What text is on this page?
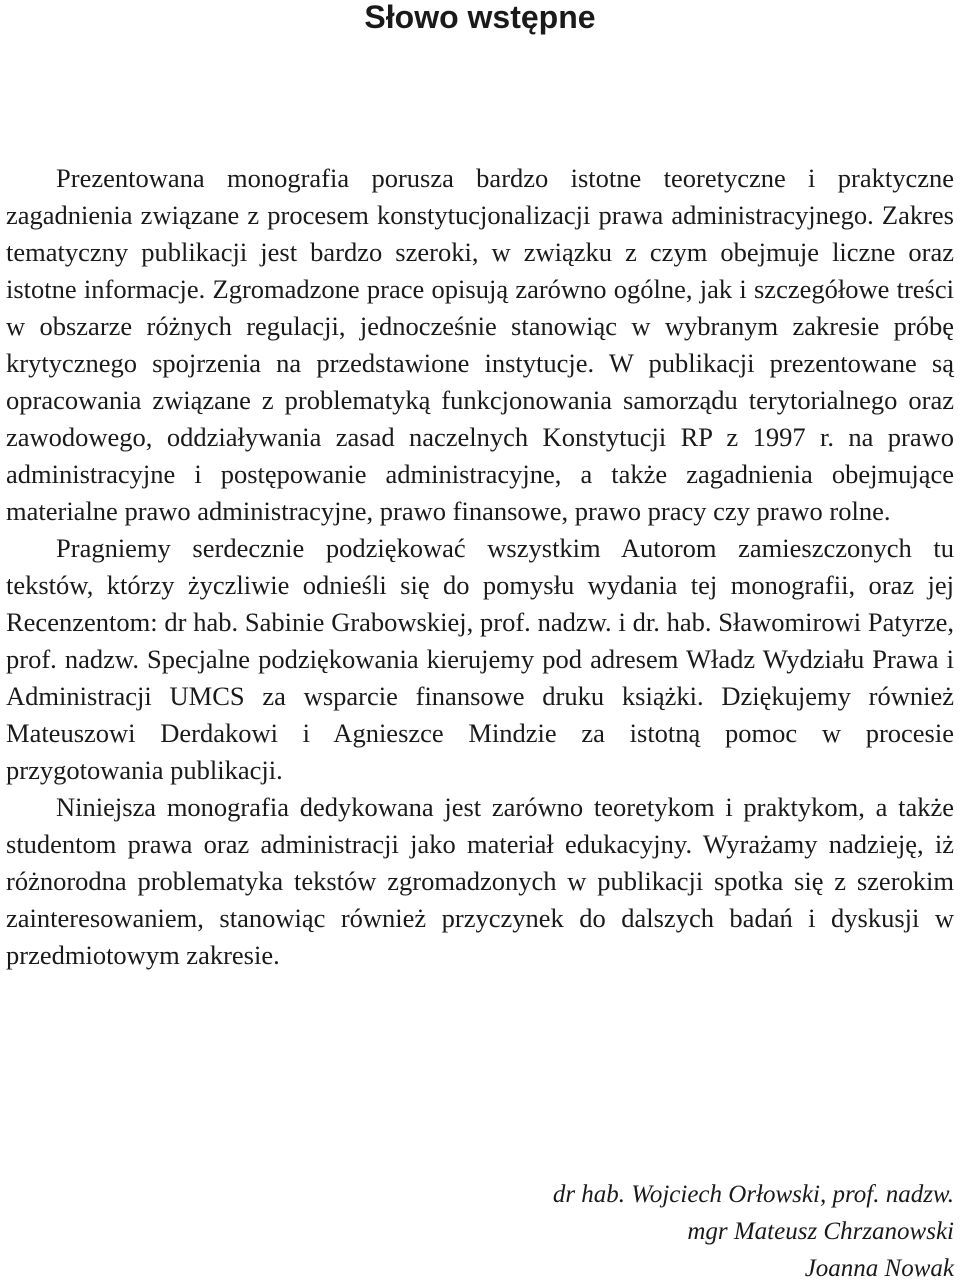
Słowo wstępne

Prezentowana monografia porusza bardzo istotne teoretyczne i praktyczne zagadnienia związane z procesem konstytucjonalizacji prawa administracyjnego. Zakres tematyczny publikacji jest bardzo szeroki, w związku z czym obejmuje liczne oraz istotne informacje. Zgromadzone prace opisują zarówno ogólne, jak i szczegółowe treści w obszarze różnych regulacji, jednocześnie stanowiąc w wybranym zakresie próbę krytycznego spojrzenia na przedstawione instytucje. W publikacji prezentowane są opracowania związane z problematyką funkcjonowania samorządu terytorialnego oraz zawodowego, oddziaływania zasad naczelnych Konstytucji RP z 1997 r. na prawo administracyjne i postępowanie administracyjne, a także zagadnienia obejmujące materialne prawo administracyjne, prawo finansowe, prawo pracy czy prawo rolne.

Pragniemy serdecznie podziękować wszystkim Autorom zamieszczonych tu tekstów, którzy życzliwie odnieśli się do pomysłu wydania tej monografii, oraz jej Recenzentom: dr hab. Sabinie Grabowskiej, prof. nadzw. i dr. hab. Sławomirowi Patyrze, prof. nadzw. Specjalne podziękowania kierujemy pod adresem Władz Wydziału Prawa i Administracji UMCS za wsparcie finansowe druku książki. Dziękujemy również Mateuszowi Derdakowi i Agnieszce Mindzie za istotną pomoc w procesie przygotowania publikacji.

Niniejsza monografia dedykowana jest zarówno teoretykom i praktykom, a także studentom prawa oraz administracji jako materiał edukacyjny. Wyrażamy nadzieję, iż różnorodna problematyka tekstów zgromadzonych w publikacji spotka się z szerokim zainteresowaniem, stanowiąc również przyczynek do dalszych badań i dyskusji w przedmiotowym zakresie.

dr hab. Wojciech Orłowski, prof. nadzw.
mgr Mateusz Chrzanowski
Joanna Nowak
